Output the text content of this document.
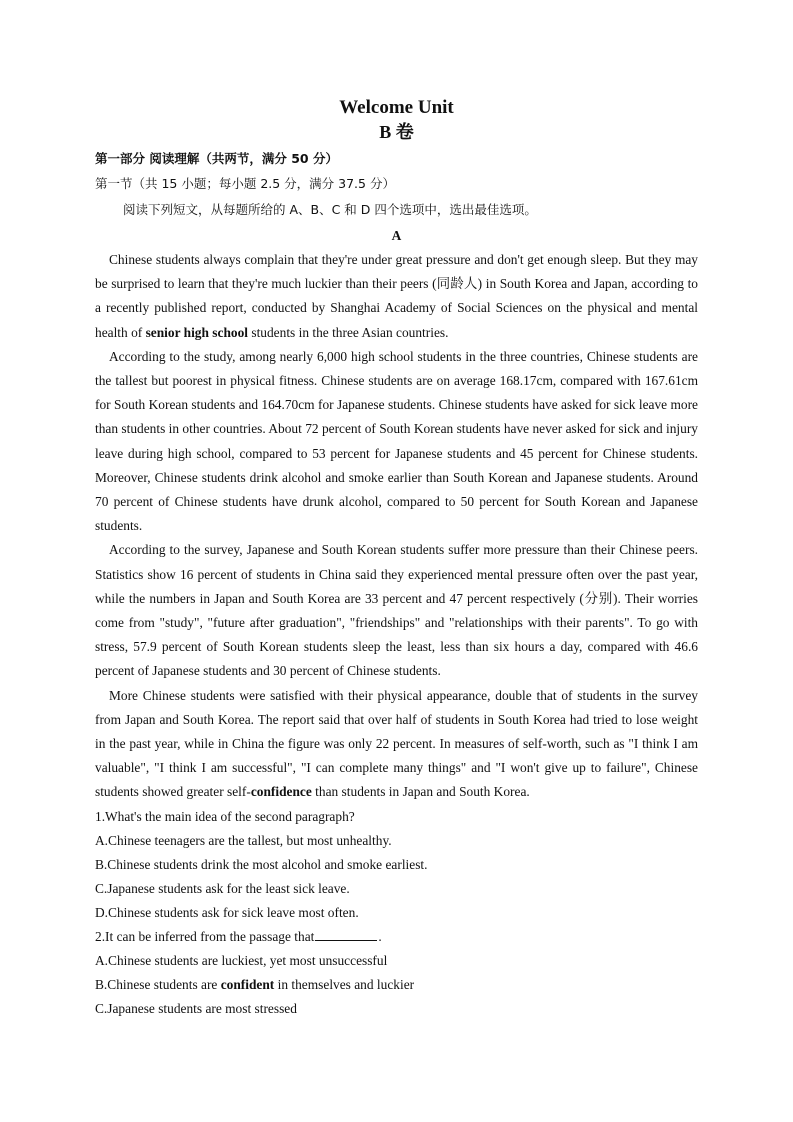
Welcome Unit

B 卷

第一部分 阅读理解（共两节，满分 50 分）

第一节（共 15 小题；每小题 2.5 分，满分 37.5 分）

阅读下列短文，从每题所给的 A、B、C 和 D 四个选项中，选出最佳选项。

A

Chinese students always complain that they're under great pressure and don't get enough sleep. But they may be surprised to learn that they're much luckier than their peers (同龄人) in South Korea and Japan, according to a recently published report, conducted by Shanghai Academy of Social Sciences on the physical and mental health of senior high school students in the three Asian countries.

According to the study, among nearly 6,000 high school students in the three countries, Chinese students are the tallest but poorest in physical fitness. Chinese students are on average 168.17cm, compared with 167.61cm for South Korean students and 164.70cm for Japanese students. Chinese students have asked for sick leave more than students in other countries. About 72 percent of South Korean students have never asked for sick and injury leave during high school, compared to 53 percent for Japanese students and 45 percent for Chinese students. Moreover, Chinese students drink alcohol and smoke earlier than South Korean and Japanese students. Around 70 percent of Chinese students have drunk alcohol, compared to 50 percent for South Korean and Japanese students.

According to the survey, Japanese and South Korean students suffer more pressure than their Chinese peers. Statistics show 16 percent of students in China said they experienced mental pressure often over the past year, while the numbers in Japan and South Korea are 33 percent and 47 percent respectively (分别). Their worries come from "study", "future after graduation", "friendships" and "relationships with their parents". To go with stress, 57.9 percent of South Korean students sleep the least, less than six hours a day, compared with 46.6 percent of Japanese students and 30 percent of Chinese students.

More Chinese students were satisfied with their physical appearance, double that of students in the survey from Japan and South Korea. The report said that over half of students in South Korea had tried to lose weight in the past year, while in China the figure was only 22 percent. In measures of self-worth, such as "I think I am valuable", "I think I am successful", "I can complete many things" and "I won't give up to failure", Chinese students showed greater self-confidence than students in Japan and South Korea.

1.What's the main idea of the second paragraph?

A.Chinese teenagers are the tallest, but most unhealthy.

B.Chinese students drink the most alcohol and smoke earliest.

C.Japanese students ask for the least sick leave.

D.Chinese students ask for sick leave most often.

2.It can be inferred from the passage that	.

A.Chinese students are luckiest, yet most unsuccessful

B.Chinese students are confident in themselves and luckier

C.Japanese students are most stressed
